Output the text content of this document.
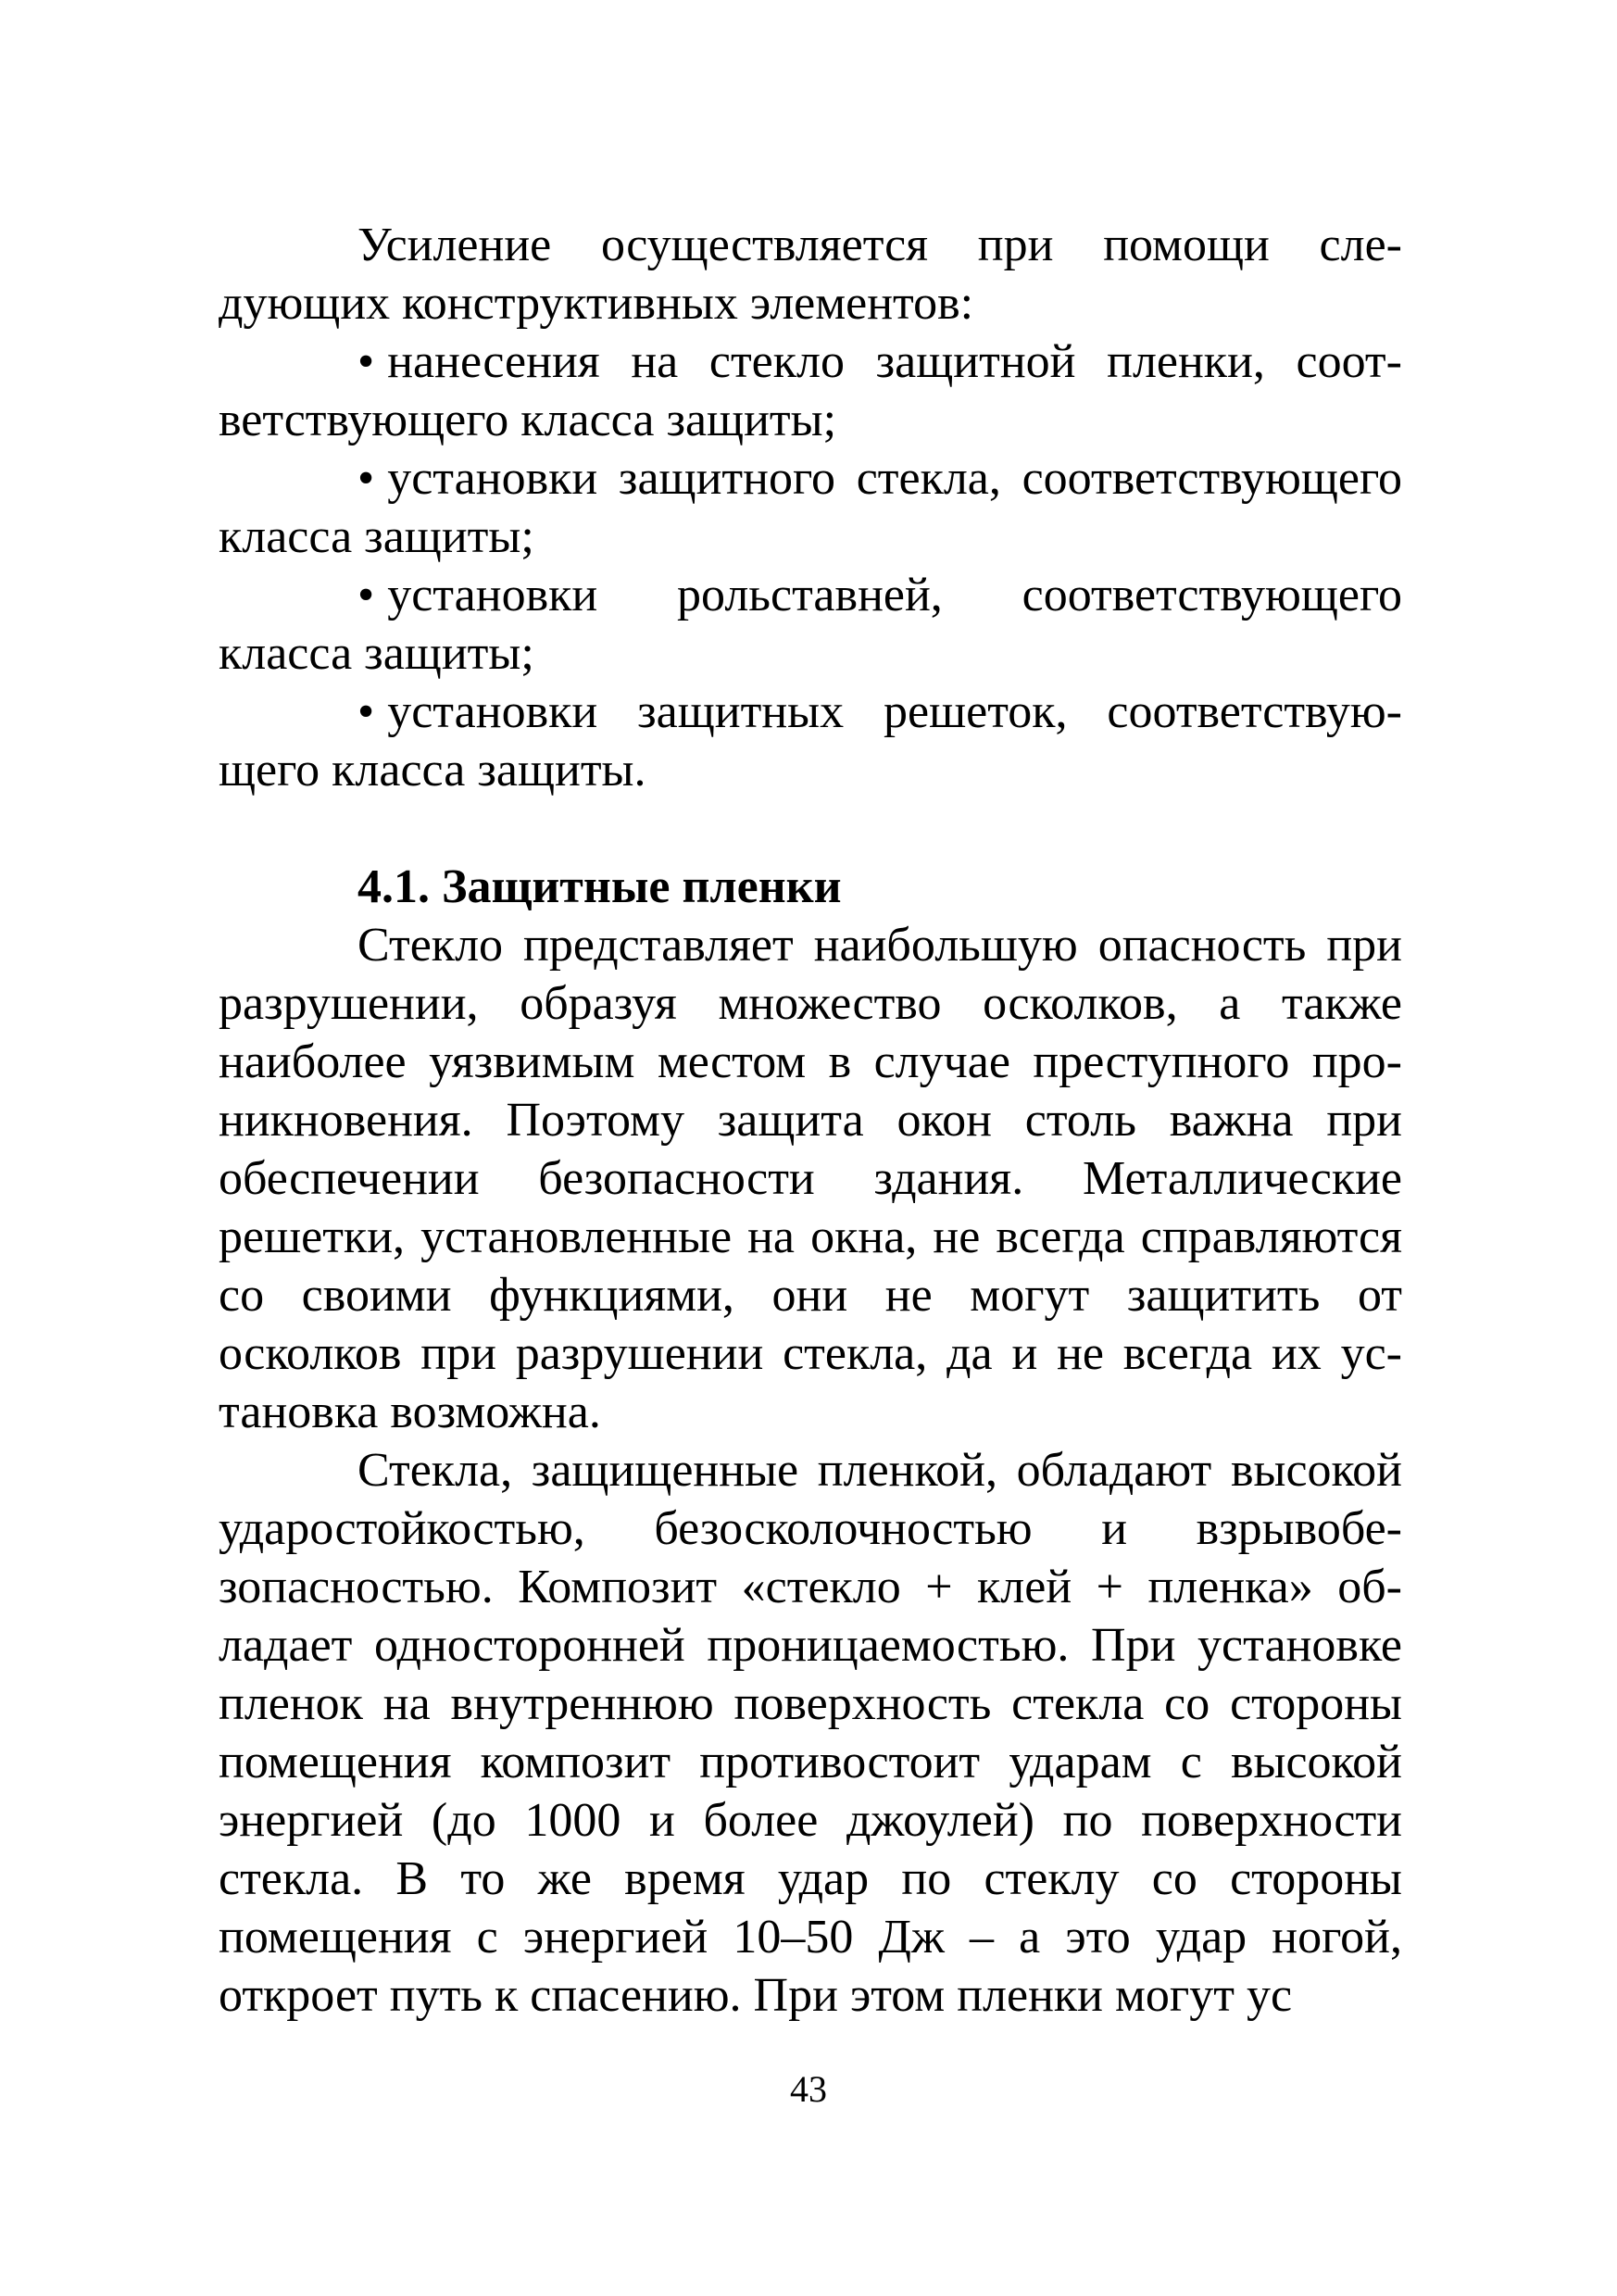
Усиление осуществляется при помощи следующих конструктивных элементов:

• нанесения на стекло защитной пленки, соответствующего класса защиты;

• установки защитного стекла, соответствующего класса защиты;

• установки рольставней, соответствующего класса защиты;

• установки защитных решеток, соответствующего класса защиты.

4.1. Защитные пленки

Стекло представляет наибольшую опасность при разрушении, образуя множество осколков, а также наиболее уязвимым местом в случае преступного проникновения. Поэтому защита окон столь важна при обеспечении безопасности здания. Металлические решетки, установленные на окна, не всегда справляются со своими функциями, они не могут защитить от осколков при разрушении стекла, да и не всегда их установка возможна.

Стекла, защищенные пленкой, обладают высокой ударостойкостью, безосколочностью и взрывобезопасностью. Композит «стекло + клей + пленка» обладает односторонней проницаемостью. При установке пленок на внутреннюю поверхность стекла со стороны помещения композит противостоит ударам с высокой энергией (до 1000 и более джоулей) по поверхности стекла. В то же время удар по стеклу со стороны помещения с энергией 10–50 Дж – а это удар ногой, откроет путь к спасению. При этом пленки могут ус

43
